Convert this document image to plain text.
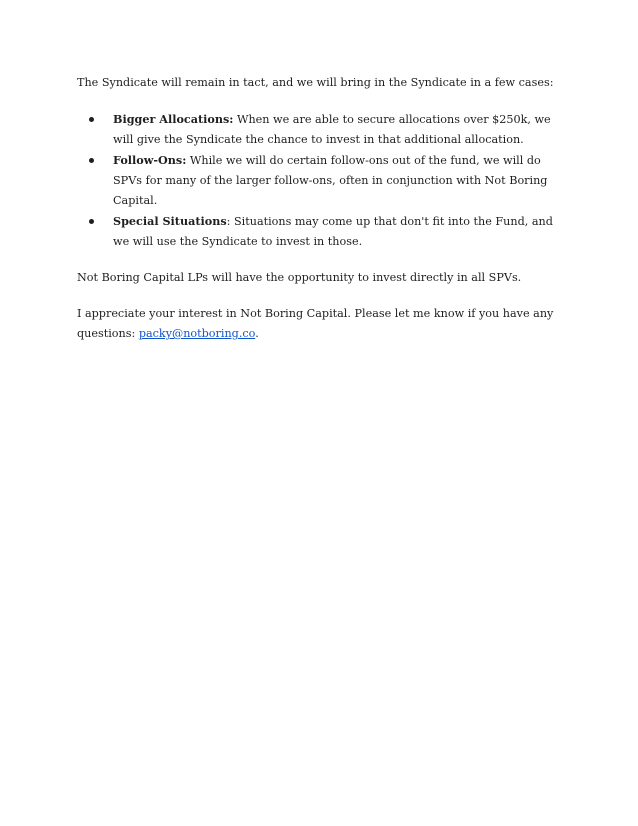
The Syndicate will remain in tact, and we will bring in the Syndicate in a few cases:

Bigger Allocations: When we are able to secure allocations over $250k, we will give the Syndicate the chance to invest in that additional allocation.
Follow-Ons: While we will do certain follow-ons out of the fund, we will do SPVs for many of the larger follow-ons, often in conjunction with Not Boring Capital.
Special Situations: Situations may come up that don't fit into the Fund, and we will use the Syndicate to invest in those.

Not Boring Capital LPs will have the opportunity to invest directly in all SPVs.

I appreciate your interest in Not Boring Capital. Please let me know if you have any questions: packy@notboring.co.
